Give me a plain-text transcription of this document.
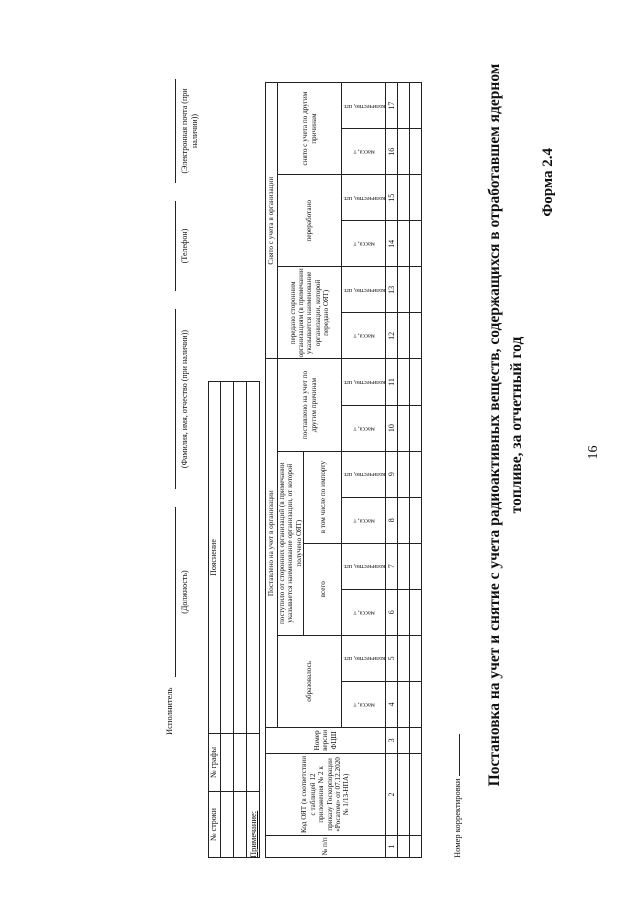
16
Форма 2.4
Постановка на учет и снятие с учета радиоактивных веществ, содержащихся в отработавшем ядерном топливе, за отчетный год
Номер корректировки
№ п/п	Код ОЯТ (в соответствии с таблицей 12 приложения № 2 к приказу Госкорпорации «Росатом» от 07.12.2020 № 1/13-НПА)	Номер версии ФЦШ	Поставлено на учет в организации								Снято с учета в организации					
			образовалось		поступило от сторонних организаций (в примечании указывается наименование организации, от которой получено ОЯТ)				поставлено на учет по другим причинам		передано сторонним организациям (в примечании указывается наименование организации, которой передано ОЯТ)		переработано		снято с учета по другим причинам	
					всего		в том числе по импорту									
			масса, т	количество, шт.	масса, т	количество, шт.	масса, т	количество, шт.	масса, т	количество, шт.	масса, т	количество, шт.	масса, т	количество, шт.	масса, т	количество, шт.
1	2	3	4	5	6	7	8	9	10	11	12	13	14	15	16	17

Примечание:
№ строки	№ графы	Пояснение

Исполнитель
(Должность)
(Фамилия, имя, отчество (при наличии))
(Телефон)
(Электронная почта (при наличии))
